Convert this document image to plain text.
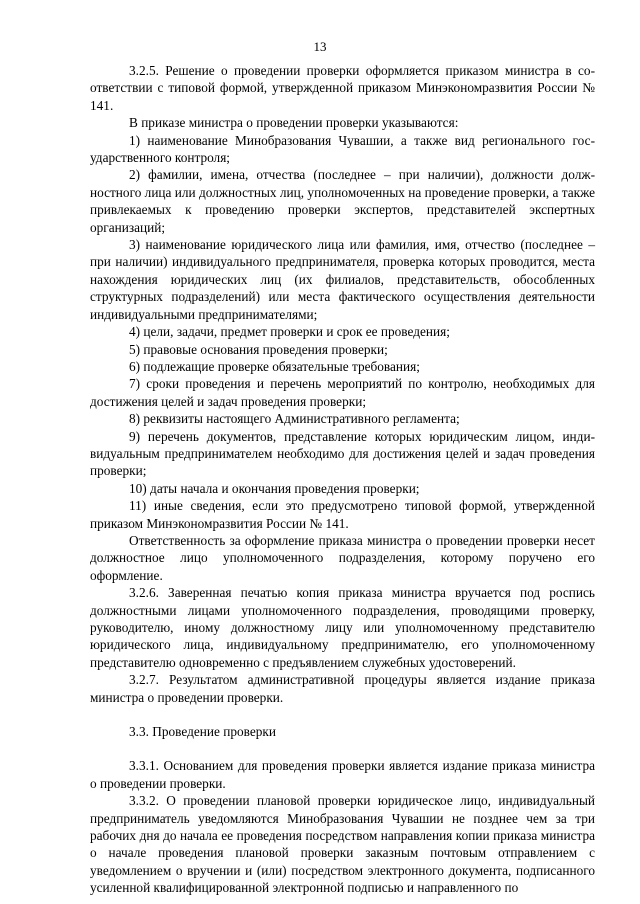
13

3.2.5. Решение о проведении проверки оформляется приказом министра в соответствии с типовой формой, утвержденной приказом Минэкономразвития России № 141.

В приказе министра о проведении проверки указываются:

1) наименование Минобразования Чувашии, а также вид регионального государственного контроля;

2) фамилии, имена, отчества (последнее – при наличии), должности должностного лица или должностных лиц, уполномоченных на проведение проверки, а также привлекаемых к проведению проверки экспертов, представителей экспертных организаций;

3) наименование юридического лица или фамилия, имя, отчество (последнее – при наличии) индивидуального предпринимателя, проверка которых проводится, места нахождения юридических лиц (их филиалов, представительств, обособленных структурных подразделений) или места фактического осуществления деятельности индивидуальными предпринимателями;

4) цели, задачи, предмет проверки и срок ее проведения;

5) правовые основания проведения проверки;

6) подлежащие проверке обязательные требования;

7) сроки проведения и перечень мероприятий по контролю, необходимых для достижения целей и задач проведения проверки;

8) реквизиты настоящего Административного регламента;

9) перечень документов, представление которых юридическим лицом, индивидуальным предпринимателем необходимо для достижения целей и задач проведения проверки;

10) даты начала и окончания проведения проверки;

11) иные сведения, если это предусмотрено типовой формой, утвержденной приказом Минэкономразвития России № 141.

Ответственность за оформление приказа министра о проведении проверки несет должностное лицо уполномоченного подразделения, которому поручено его оформление.

3.2.6. Заверенная печатью копия приказа министра вручается под роспись должностными лицами уполномоченного подразделения, проводящими проверку, руководителю, иному должностному лицу или уполномоченному представителю юридического лица, индивидуальному предпринимателю, его уполномоченному представителю одновременно с предъявлением служебных удостоверений.

3.2.7. Результатом административной процедуры является издание приказа министра о проведении проверки.

3.3. Проведение проверки

3.3.1. Основанием для проведения проверки является издание приказа министра о проведении проверки.

3.3.2. О проведении плановой проверки юридическое лицо, индивидуальный предприниматель уведомляются Минобразования Чувашии не позднее чем за три рабочих дня до начала ее проведения посредством направления копии приказа министра о начале проведения плановой проверки заказным почтовым отправлением с уведомлением о вручении и (или) посредством электронного документа, подписанного усиленной квалифицированной электронной подписью и направленного по
